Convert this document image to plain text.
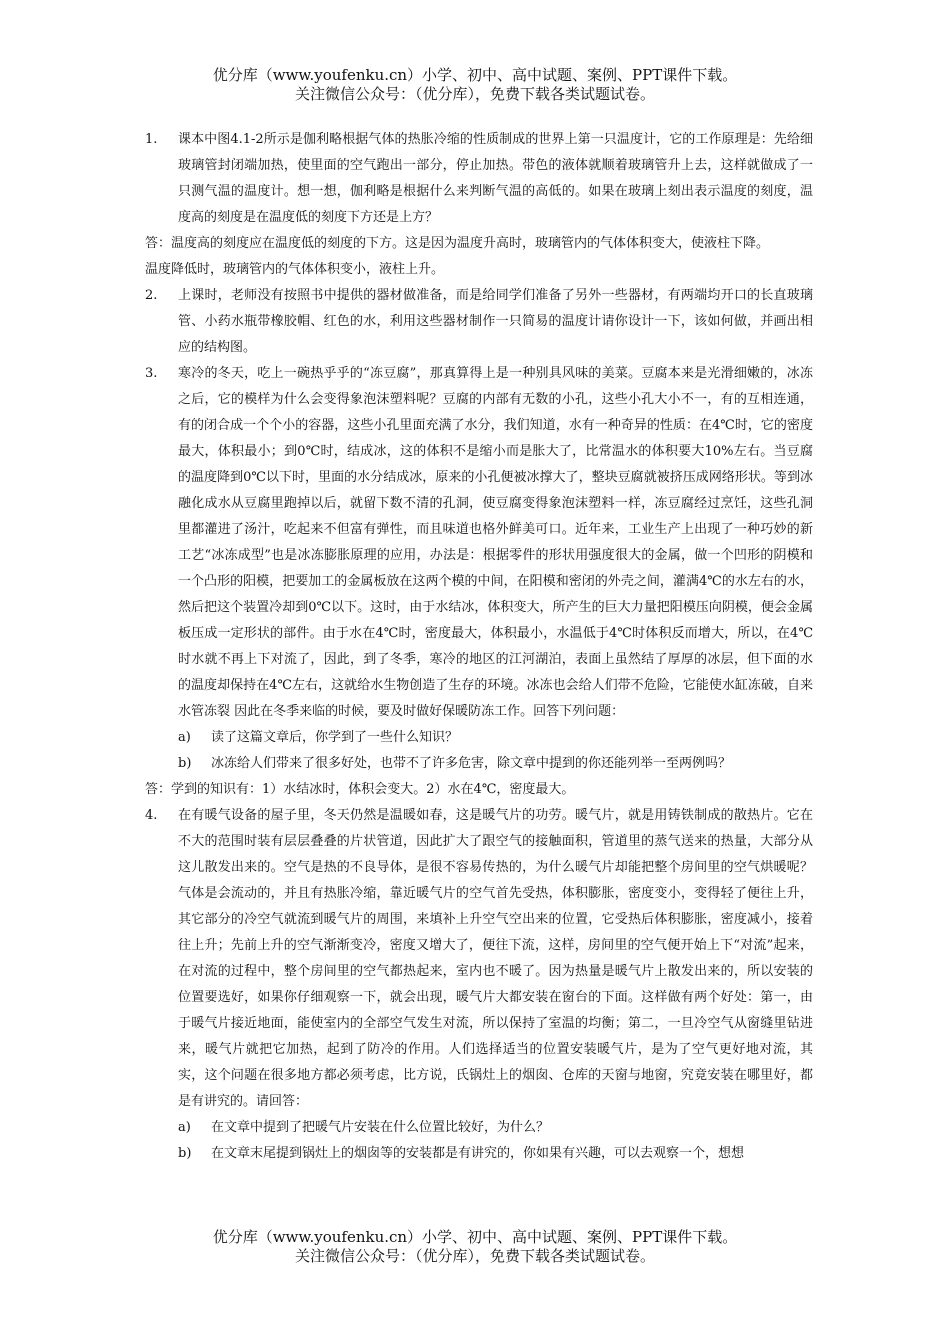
优分库（www.youfenku.cn）小学、初中、高中试题、案例、PPT课件下载。
关注微信公众号：（优分库），免费下载各类试题试卷。
1. 课本中图4.1-2所示是伽利略根据气体的热胀冷缩的性质制成的世界上第一只温度计，它的工作原理是：先给细玻璃管封闭端加热，使里面的空气跑出一部分，停止加热。带色的液体就顺着玻璃管升上去，这样就做成了一只测气温的温度计。想一想，伽利略是根据什么来判断气温的高低的。如果在玻璃上刻出表示温度的刻度，温度高的刻度是在温度低的刻度下方还是上方？
答：温度高的刻度应在温度低的刻度的下方。这是因为温度升高时，玻璃管内的气体体积变大，使液柱下降。
温度降低时，玻璃管内的气体体积变小，液柱上升。
2. 上课时，老师没有按照书中提供的器材做准备，而是给同学们准备了另外一些器材，有两端均开口的长直玻璃管、小药水瓶带橡胶帽、红色的水，利用这些器材制作一只简易的温度计请你设计一下，该如何做，并画出相应的结构图。
3. 寒冷的冬天，吃上一碗热乎乎的“冻豆腐”，那真算得上是一种别具风味的美菜。豆腐本来是光滑细嫩的，冰冻之后，它的模样为什么会变得象泡沫塑料呢？豆腐的内部有无数的小孔，这些小孔大小不一，有的互相连通，有的闭合成一个个小的容器，这些小孔里面充满了水分，我们知道，水有一种奇异的性质：在4℃时，它的密度最大，体积最小；到0℃时，结成冰，这的体积不是缩小而是胀大了，比常温水的体积要大10%左右。当豆腐的温度降到0℃以下时，里面的水分结成冰，原来的小孔便被冰撑大了，整块豆腐就被挤压成网络形状。等到冰融化成水从豆腐里跑掉以后，就留下数不清的孔洞，使豆腐变得象泡沫塑料一样，冻豆腐经过烹饪，这些孔洞里都灌进了汤汁，吃起来不但富有弹性，而且味道也格外鲜美可口。近年来，工业生产上出现了一种巧妙的新工艺“冰冻成型”也是冰冻膨胀原理的应用，办法是：根据零件的形状用强度很大的金属，做一个凹形的阴模和一个凸形的阳模，把要加工的金属板放在这两个模的中间，在阳模和密闭的外壳之间，灌满4℃的水左右的水，然后把这个装置冷却到0℃以下。这时，由于水结冰，体积变大，所产生的巨大力量把阳模压向阴模，便会金属板压成一定形状的部件。由于水在4℃时，密度最大，体积最小，水温低于4℃时体积反而增大，所以，在4℃时水就不再上下对流了，因此，到了冬季，寒冷的地区的江河湖泊，表面上虽然结了厚厚的冰层，但下面的水的温度却保持在4℃左右，这就给水生物创造了生存的环境。冰冻也会给人们带不危险，它能使水缸冻破，自来水管冻裂 因此在冬季来临的时候，要及时做好保暖防冻工作。回答下列问题：
a) 读了这篇文章后，你学到了一些什么知识？
b) 冰冻给人们带来了很多好处，也带不了许多危害，除文章中提到的你还能列举一至两例吗？
答：学到的知识有：1）水结冰时，体积会变大。2）水在4℃，密度最大。
4. 在有暖气设备的屋子里，冬天仍然是温暖如春，这是暖气片的功劳。暖气片，就是用铸铁制成的散热片。它在不大的范围时装有层层叠叠的片状管道，因此扩大了跟空气的接触面积，管道里的蒸气送来的热量，大部分从这儿散发出来的。空气是热的不良导体，是很不容易传热的，为什么暖气片却能把整个房间里的空气烘暖呢？气体是会流动的，并且有热胀冷缩，靠近暖气片的空气首先受热，体积膨胀，密度变小，变得轻了便往上升，其它部分的冷空气就流到暖气片的周围，来填补上升空气空出来的位置，它受热后体积膨胀，密度减小，接着往上升；先前上升的空气渐渐变冷，密度又增大了，便往下流，这样，房间里的空气便开始上下“对流”起来，在对流的过程中，整个房间里的空气都热起来，室内也不暖了。因为热量是暖气片上散发出来的，所以安装的位置要选好，如果你仔细观察一下，就会出现，暖气片大都安装在窗台的下面。这样做有两个好处：第一，由于暖气片接近地面，能使室内的全部空气发生对流，所以保持了室温的均衡；第二，一旦冷空气从窗缝里钻进来，暖气片就把它加热，起到了防冷的作用。人们选择适当的位置安装暖气片，是为了空气更好地对流，其实，这个问题在很多地方都必须考虑，比方说，氏锅灶上的烟囱、仓库的天窗与地窗，究竟安装在哪里好，都是有讲究的。请回答：
a) 在文章中提到了把暖气片安装在什么位置比较好，为什么？
b) 在文章末尾提到锅灶上的烟囱等的安装都是有讲究的，你如果有兴趣，可以去观察一个，想想
优分库（www.youfenku.cn）小学、初中、高中试题、案例、PPT课件下载。
关注微信公众号：（优分库），免费下载各类试题试卷。
